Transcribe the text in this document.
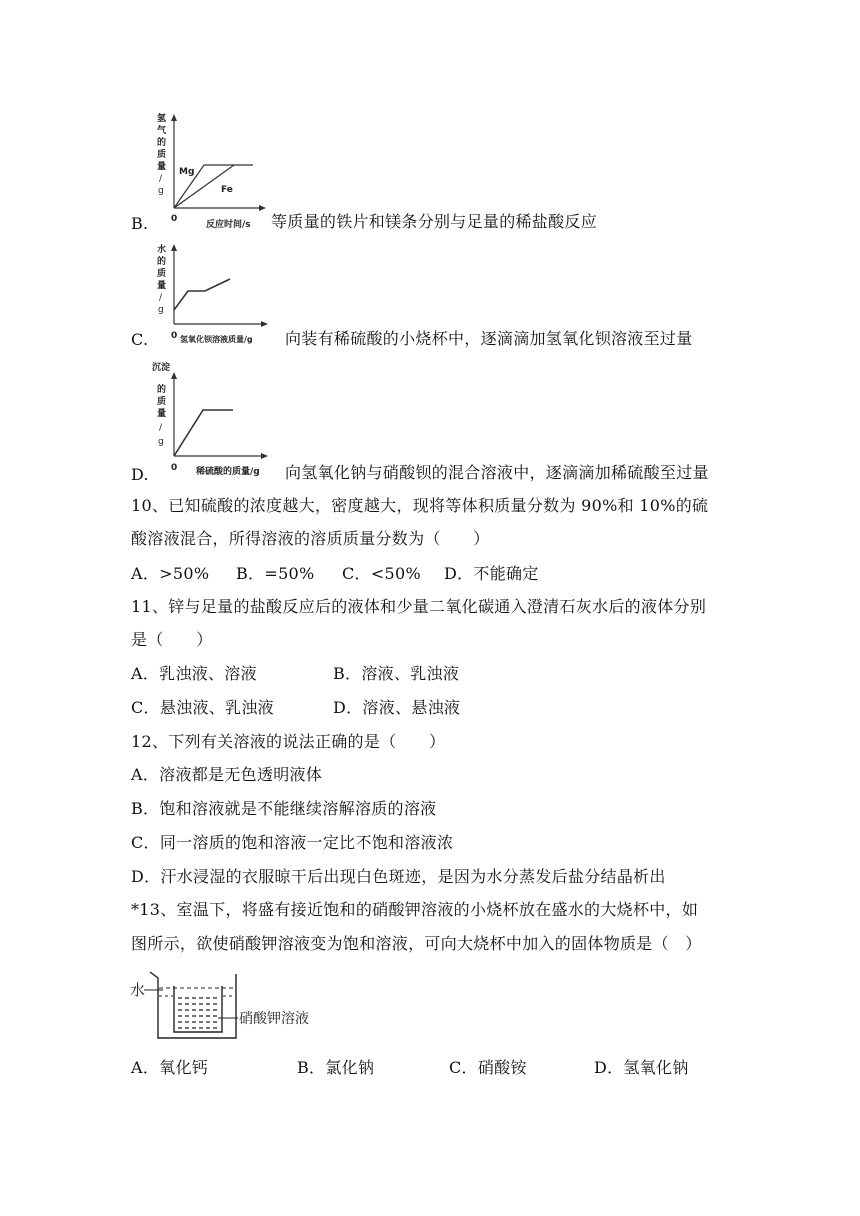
B.
氢
气
的
质
量
/
g
Mg
Fe
0
反应时间/s 等质量的铁片和镁条分别与足量的稀盐酸反应
C.
水
的
质
量
/
g
0 氢氧化钡溶液质量/g 向装有稀硫酸的小烧杯中，逐滴滴加氢氧化钡溶液至过量
D.
沉 淀
的
质
量
/
g
0 稀硫酸的质量/g 向氢氧化钠与硝酸钡的混合溶液中，逐滴滴加稀硫酸至过量
10、已知硫酸的浓度越大，密度越大，现将等体积质量分数为 90%和 10%的硫
酸溶液混合，所得溶液的溶质质量分数为（　　）
A．>50% B．=50% C．<50% D．不能确定
11、锌与足量的盐酸反应后的液体和少量二氧化碳通入澄清石灰水后的液体分别
是（　　）
A．乳浊液、溶液	B．溶液、乳浊液
C．悬浊液、乳浊液	D．溶液、悬浊液
12、下列有关溶液的说法正确的是（　　）
A．溶液都是无色透明液体
B．饱和溶液就是不能继续溶解溶质的溶液
C．同一溶质的饱和溶液一定比不饱和溶液浓
D．汗水浸湿的衣服晾干后出现白色斑迹，是因为水分蒸发后盐分结晶析出
*13、室温下，将盛有接近饱和的硝酸钾溶液的小烧杯放在盛水的大烧杯中，如
图所示，欲使硝酸钾溶液变为饱和溶液，可向大烧杯中加入的固体物质是（　）
水
硝酸钾溶液
A．氧化钙	B．氯化钠	C．硝酸铵	D．氢氧化钠
